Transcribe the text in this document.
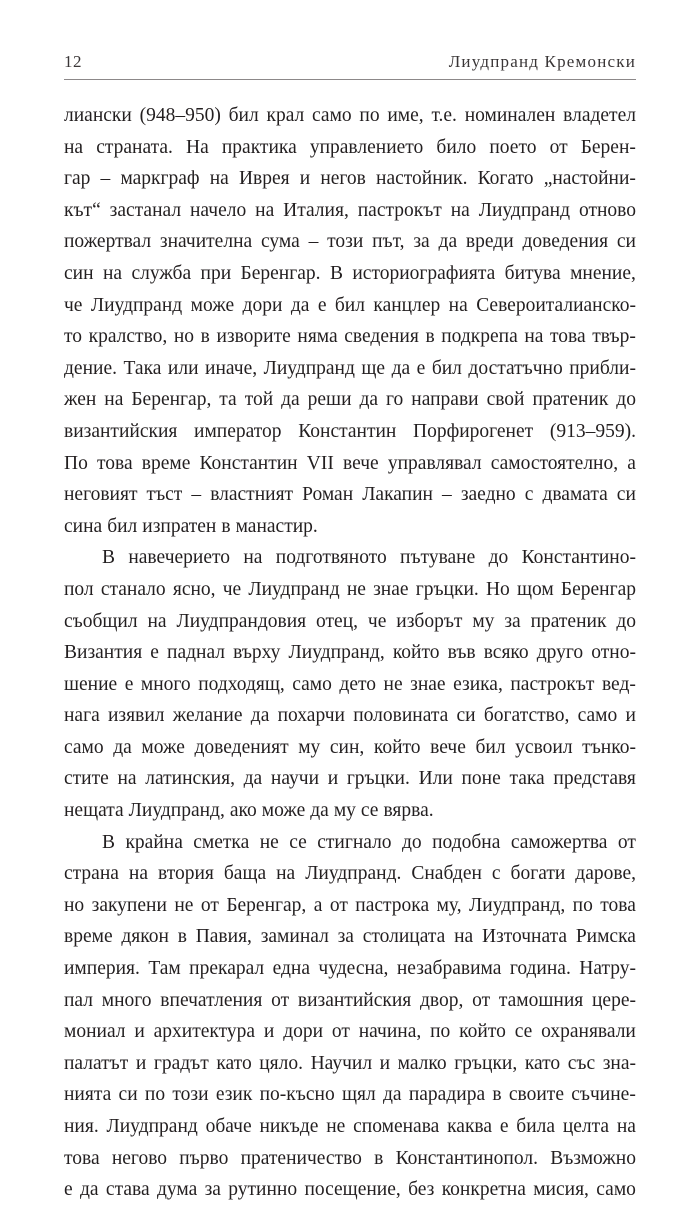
12	Лиудпранд Кремонски
лиански (948–950) бил крал само по име, т.е. номинален владетел
на страната. На практика управлението било поето от Берен-
гар – маркграф на Иврея и негов настойник. Когато „настойни-
кът“ застанал начело на Италия, пастрокът на Лиудпранд отново
пожертвал значителна сума – този път, за да вреди доведения си
син на служба при Беренгар. В историографията битува мнение,
че Лиудпранд може дори да е бил канцлер на Североиталианско-
то кралство, но в изворите няма сведения в подкрепа на това твър-
дение. Така или иначе, Лиудпранд ще да е бил достатъчно прибли-
жен на Беренгар, та той да реши да го направи свой пратеник до
византийския император Константин Порфирогенет (913–959).
По това време Константин VII вече управлявал самостоятелно, а
неговият тъст – властният Роман Лакапин – заедно с двамата си
сина бил изпратен в манастир.
В навечерието на подготвяното пътуване до Константино-
пол станало ясно, че Лиудпранд не знае гръцки. Но щом Беренгар
съобщил на Лиудпрандовия отец, че изборът му за пратеник до
Византия е паднал върху Лиудпранд, който във всяко друго отно-
шение е много подходящ, само дето не знае езика, пастрокът вед-
нага изявил желание да похарчи половината си богатство, само и
само да може доведеният му син, който вече бил усвоил тънко-
стите на латинския, да научи и гръцки. Или поне така представя
нещата Лиудпранд, ако може да му се вярва.
В крайна сметка не се стигнало до подобна саможертва от
страна на втория баща на Лиудпранд. Снабден с богати дарове,
но закупени не от Беренгар, а от пастрока му, Лиудпранд, по това
време дякон в Павия, заминал за столицата на Източната Римска
империя. Там прекарал една чудесна, незабравима година. Натру-
пал много впечатления от византийския двор, от тамошния цере-
мониал и архитектура и дори от начина, по който се охранявали
палатът и градът като цяло. Научил и малко гръцки, като със зна-
нията си по този език по-късно щял да парадира в своите съчине-
ния. Лиудпранд обаче никъде не споменава каква е била целта на
това негово първо пратеничество в Константинопол. Възможно
е да става дума за рутинно посещение, без конкретна мисия, само
